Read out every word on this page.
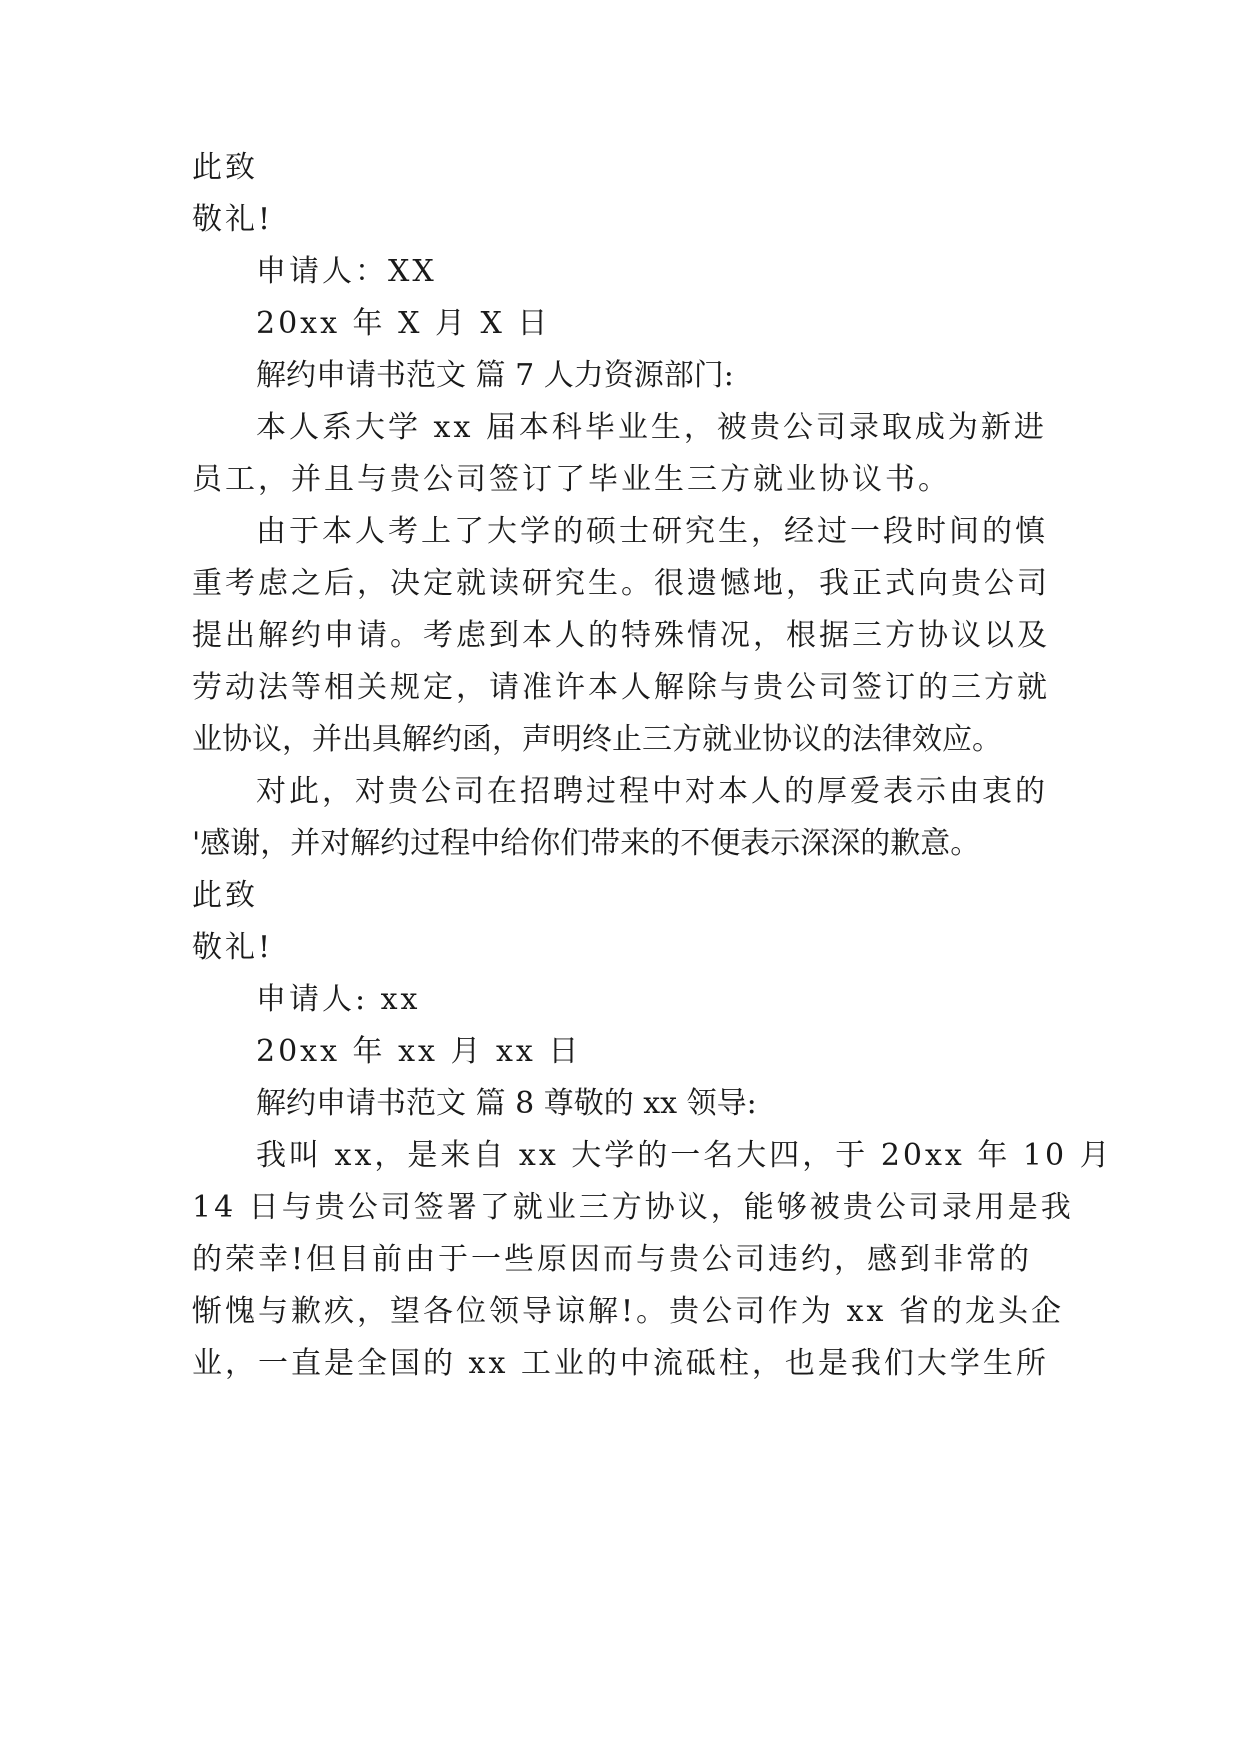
此致
敬礼!
申请人：XX
20xx 年 X 月 X 日
解约申请书范文 篇 7 人力资源部门:
本人系大学 xx 届本科毕业生，被贵公司录取成为新进
员工，并且与贵公司签订了毕业生三方就业协议书。
由于本人考上了大学的硕士研究生，经过一段时间的慎
重考虑之后，决定就读研究生。很遗憾地，我正式向贵公司
提出解约申请。考虑到本人的特殊情况，根据三方协议以及
劳动法等相关规定，请准许本人解除与贵公司签订的三方就
业协议，并出具解约函，声明终止三方就业协议的法律效应。
对此，对贵公司在招聘过程中对本人的厚爱表示由衷的
'感谢，并对解约过程中给你们带来的不便表示深深的歉意。
此致
敬礼!
申请人: xx
20xx 年 xx 月 xx 日
解约申请书范文 篇 8 尊敬的 xx 领导:
我叫 xx，是来自 xx 大学的一名大四，于 20xx 年 10 月
14 日与贵公司签署了就业三方协议，能够被贵公司录用是我
的荣幸!但目前由于一些原因而与贵公司违约，感到非常的
惭愧与歉疚，望各位领导谅解!。贵公司作为 xx 省的龙头企
业，一直是全国的 xx 工业的中流砥柱，也是我们大学生所
